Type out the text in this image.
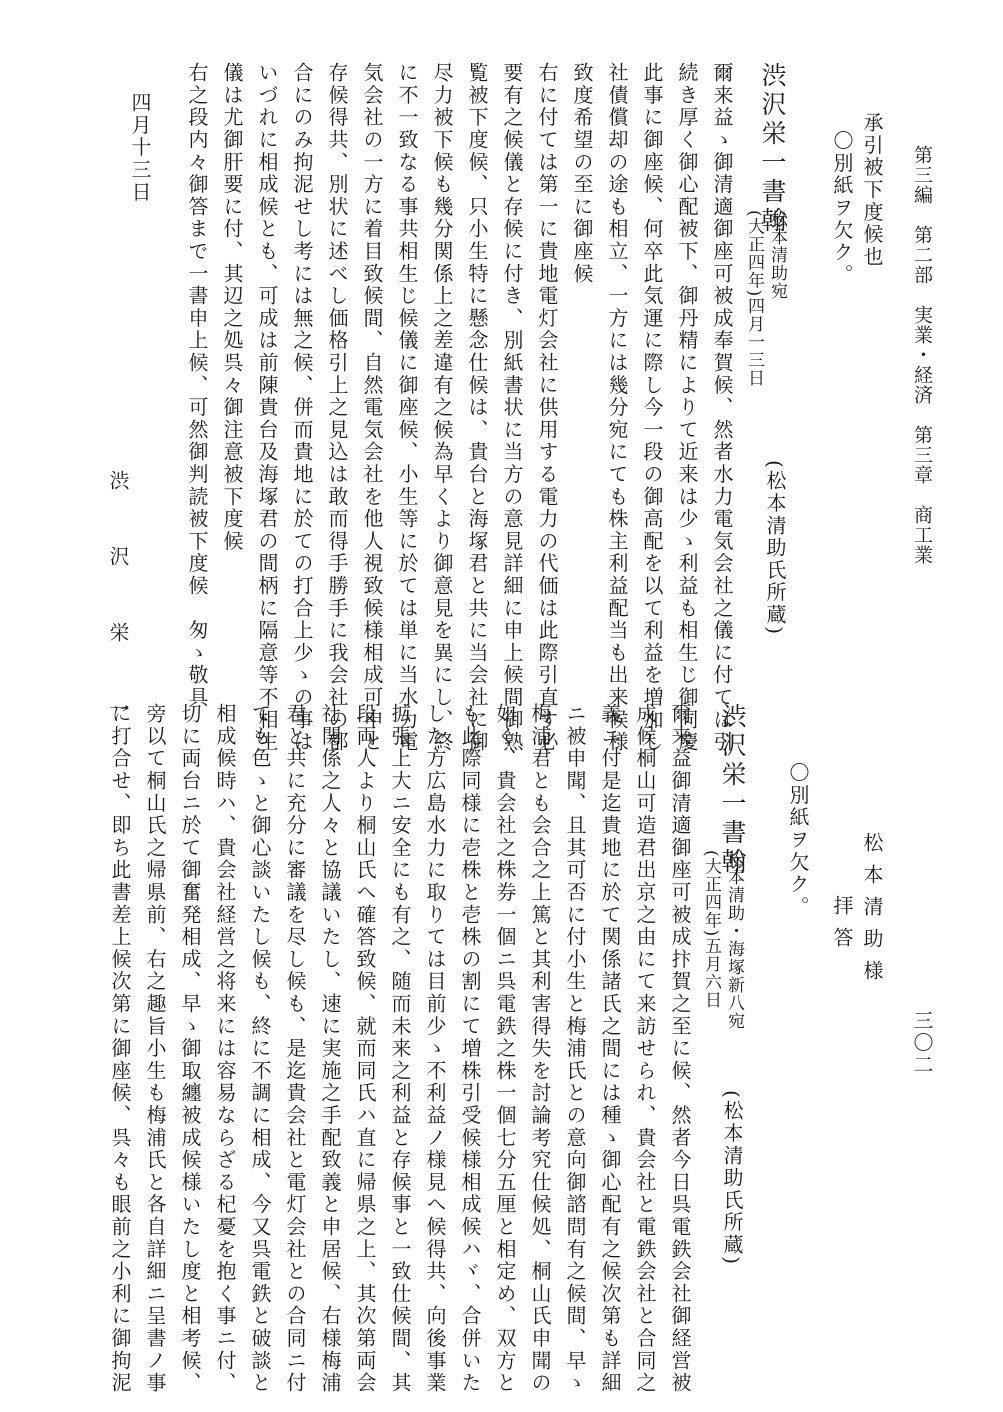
第三編　第二部　実業・経済　第三章　商工業
三〇二
承引被下度候也
〇別紙ヲ欠ク。
渋沢栄一書翰
松本清助宛
(大正四年)四月一三日
(松本清助氏所蔵)
爾来益ゝ御清適御座可被成奉賀候、然者水力電気会社之儀に付ては引
続き厚く御心配被下、御丹精によりて近来は少ゝ利益も相生じ御同慶
此事に御座候、何卒此気運に際し今一段の御高配を以て利益を増加し
社債償却の途も相立、一方には幾分宛にても株主利益配当も出来候様
致度希望の至に御座候
右に付ては第一に貴地電灯会社に供用する電力の代価は此際引直す必
要有之候儀と存候に付き、別紙書状に当方の意見詳細に申上候間御熟
覧被下度候、只小生特に懸念仕候は、貴台と海塚君と共に当会社に御
尽力被下候も幾分関係上之差違有之候為早くより御意見を異にし、終
に不一致なる事共相生じ候儀に御座候、小生等に於ては単に当水力電
気会社の一方に着目致候間、自然電気会社を他人視致候様相成可申と
存候得共、別状に述べし価格引上之見込は敢而得手勝手に我会社の都
合にのみ拘泥せし考には無之候、併而貴地に於ての打合上少ゝの事は
いづれに相成候とも、可成は前陳貴台及海塚君の間柄に隔意等不相生
儀は尤御肝要に付、其辺之処呉々御注意被下度候
右之段内々御答まで一書申上候、可然御判読被下度候　匆ゝ敬具
四月十三日
渋　沢　栄　一
松本清助様
拝答
〇別紙ヲ欠ク。
渋沢栄一書翰
松本清助・海塚新八宛
(大正四年)五月六日
(松本清助氏所蔵)
爾来益御清適御座可被成抃賀之至に候、然者今日呉電鉄会社御経営被
成候桐山可造君出京之由にて来訪せられ、貴会社と電鉄会社と合同之
義ニ付是迄貴地に於て関係諸氏之間には種ゝ御心配有之候次第も詳細
ニ被申聞、且其可否に付小生と梅浦氏との意向御諮問有之候間、早ゝ
梅浦君とも会合之上篤と其利害得失を討論考究仕候処、桐山氏申聞の
如く、貴会社之株券一個ニ呉電鉄之株一個七分五厘と相定め、双方と
も此際同様に壱株と壱株の割にて増株引受候様相成候ハヾ、合併いた
した方広島水力に取りては目前少ゝ不利益ノ様見へ候得共、向後事業
拡張上大ニ安全にも有之、随而未来之利益と存候事と一致仕候間、其
段両人より桐山氏へ確答致候、就而同氏ハ直に帰県之上、其次第両会
社関係之人々と協議いたし、速に実施之手配致義と申居候、右様梅浦
君と共に充分に審議を尽し候も、是迄貴会社と電灯会社との合同ニ付
ても色ゝと御心談いたし候も、終に不調に相成、今又呉電鉄と破談と
相成候時ハ、貴会社経営之将来には容易ならざる杞憂を抱く事ニ付、
切に両台ニ於て御奮発相成、早ゝ御取纏被成候様いたし度と相考候、
旁以て桐山氏之帰県前、右之趣旨小生も梅浦氏と各自詳細ニ呈書ノ事
に打合せ、即ち此書差上候次第に御座候、呉々も眼前之小利に御拘泥
